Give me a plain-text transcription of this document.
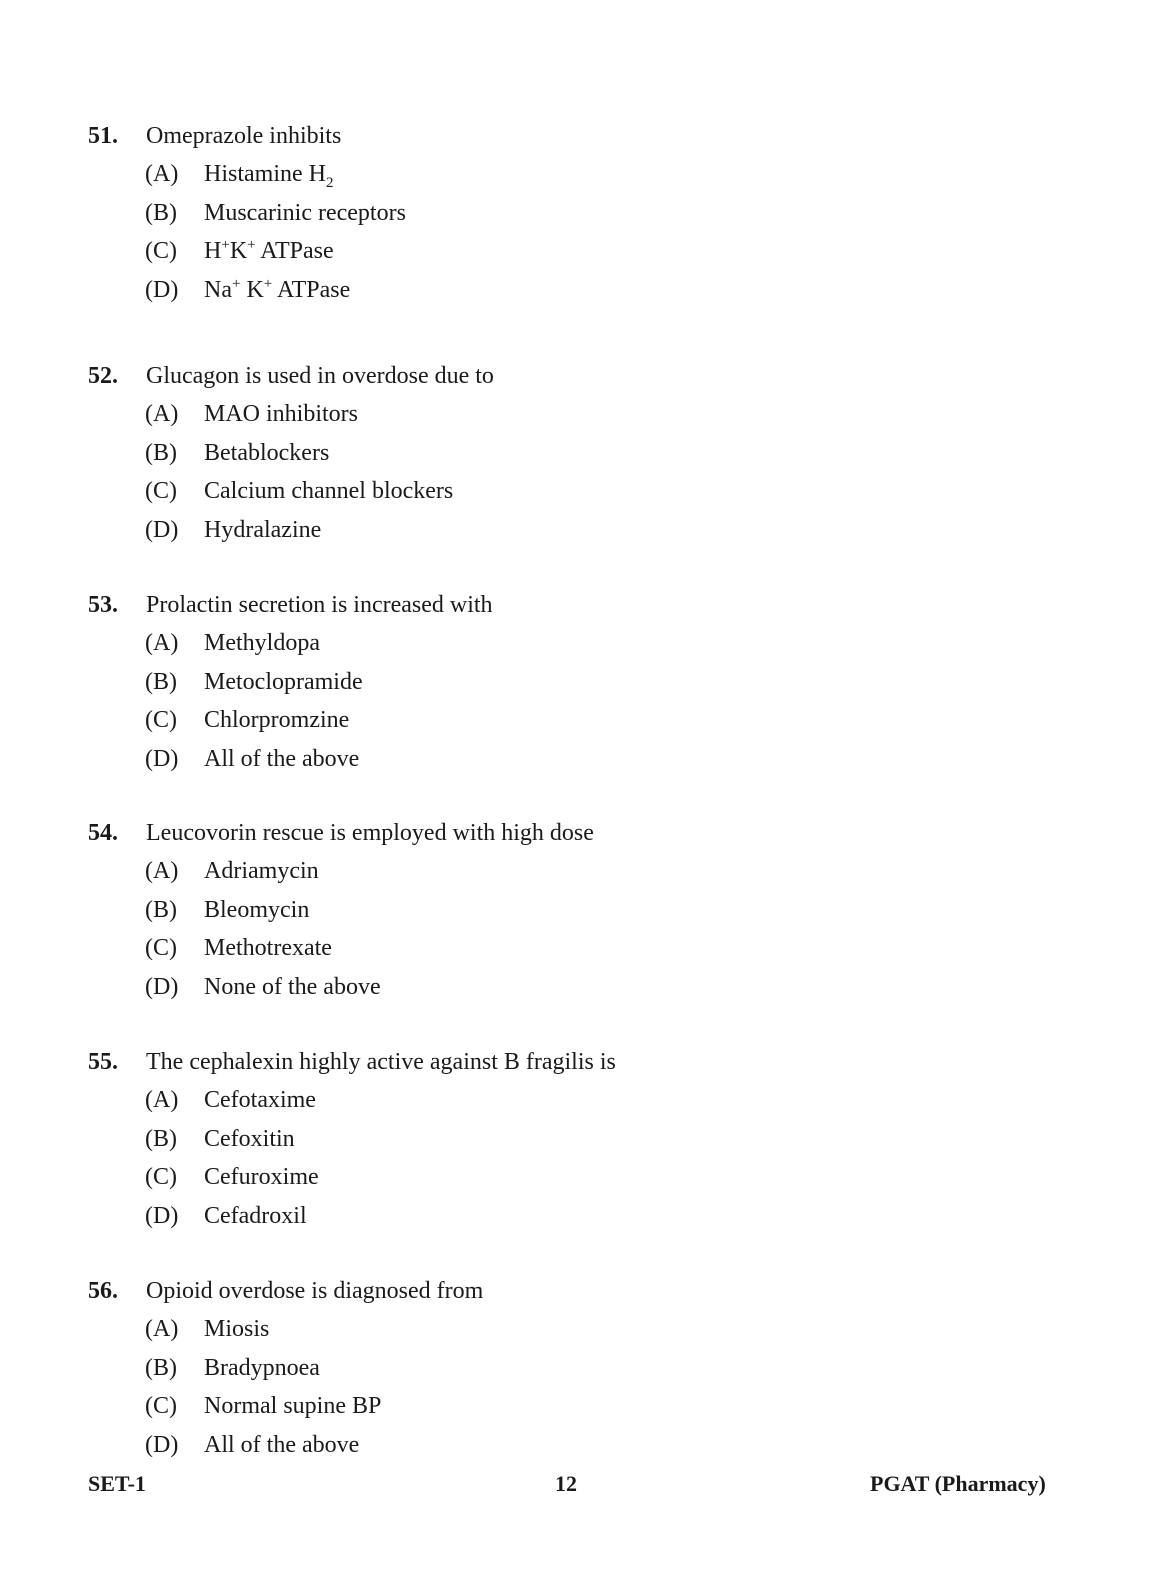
51. Omeprazole inhibits
(A) Histamine $H_2$
(B) Muscarinic receptors
(C) H+K+ ATPase
(D) Na+ K+ ATPase
52. Glucagon is used in overdose due to
(A) MAO inhibitors
(B) Betablockers
(C) Calcium channel blockers
(D) Hydralazine
53. Prolactin secretion is increased with
(A) Methyldopa
(B) Metoclopramide
(C) Chlorpromzine
(D) All of the above
54. Leucovorin rescue is employed with high dose
(A) Adriamycin
(B) Bleomycin
(C) Methotrexate
(D) None of the above
55. The cephalexin highly active against B fragilis is
(A) Cefotaxime
(B) Cefoxitin
(C) Cefuroxime
(D) Cefadroxil
56. Opioid overdose is diagnosed from
(A) Miosis
(B) Bradypnoea
(C) Normal supine BP
(D) All of the above
SET-1	12	PGAT (Pharmacy)
